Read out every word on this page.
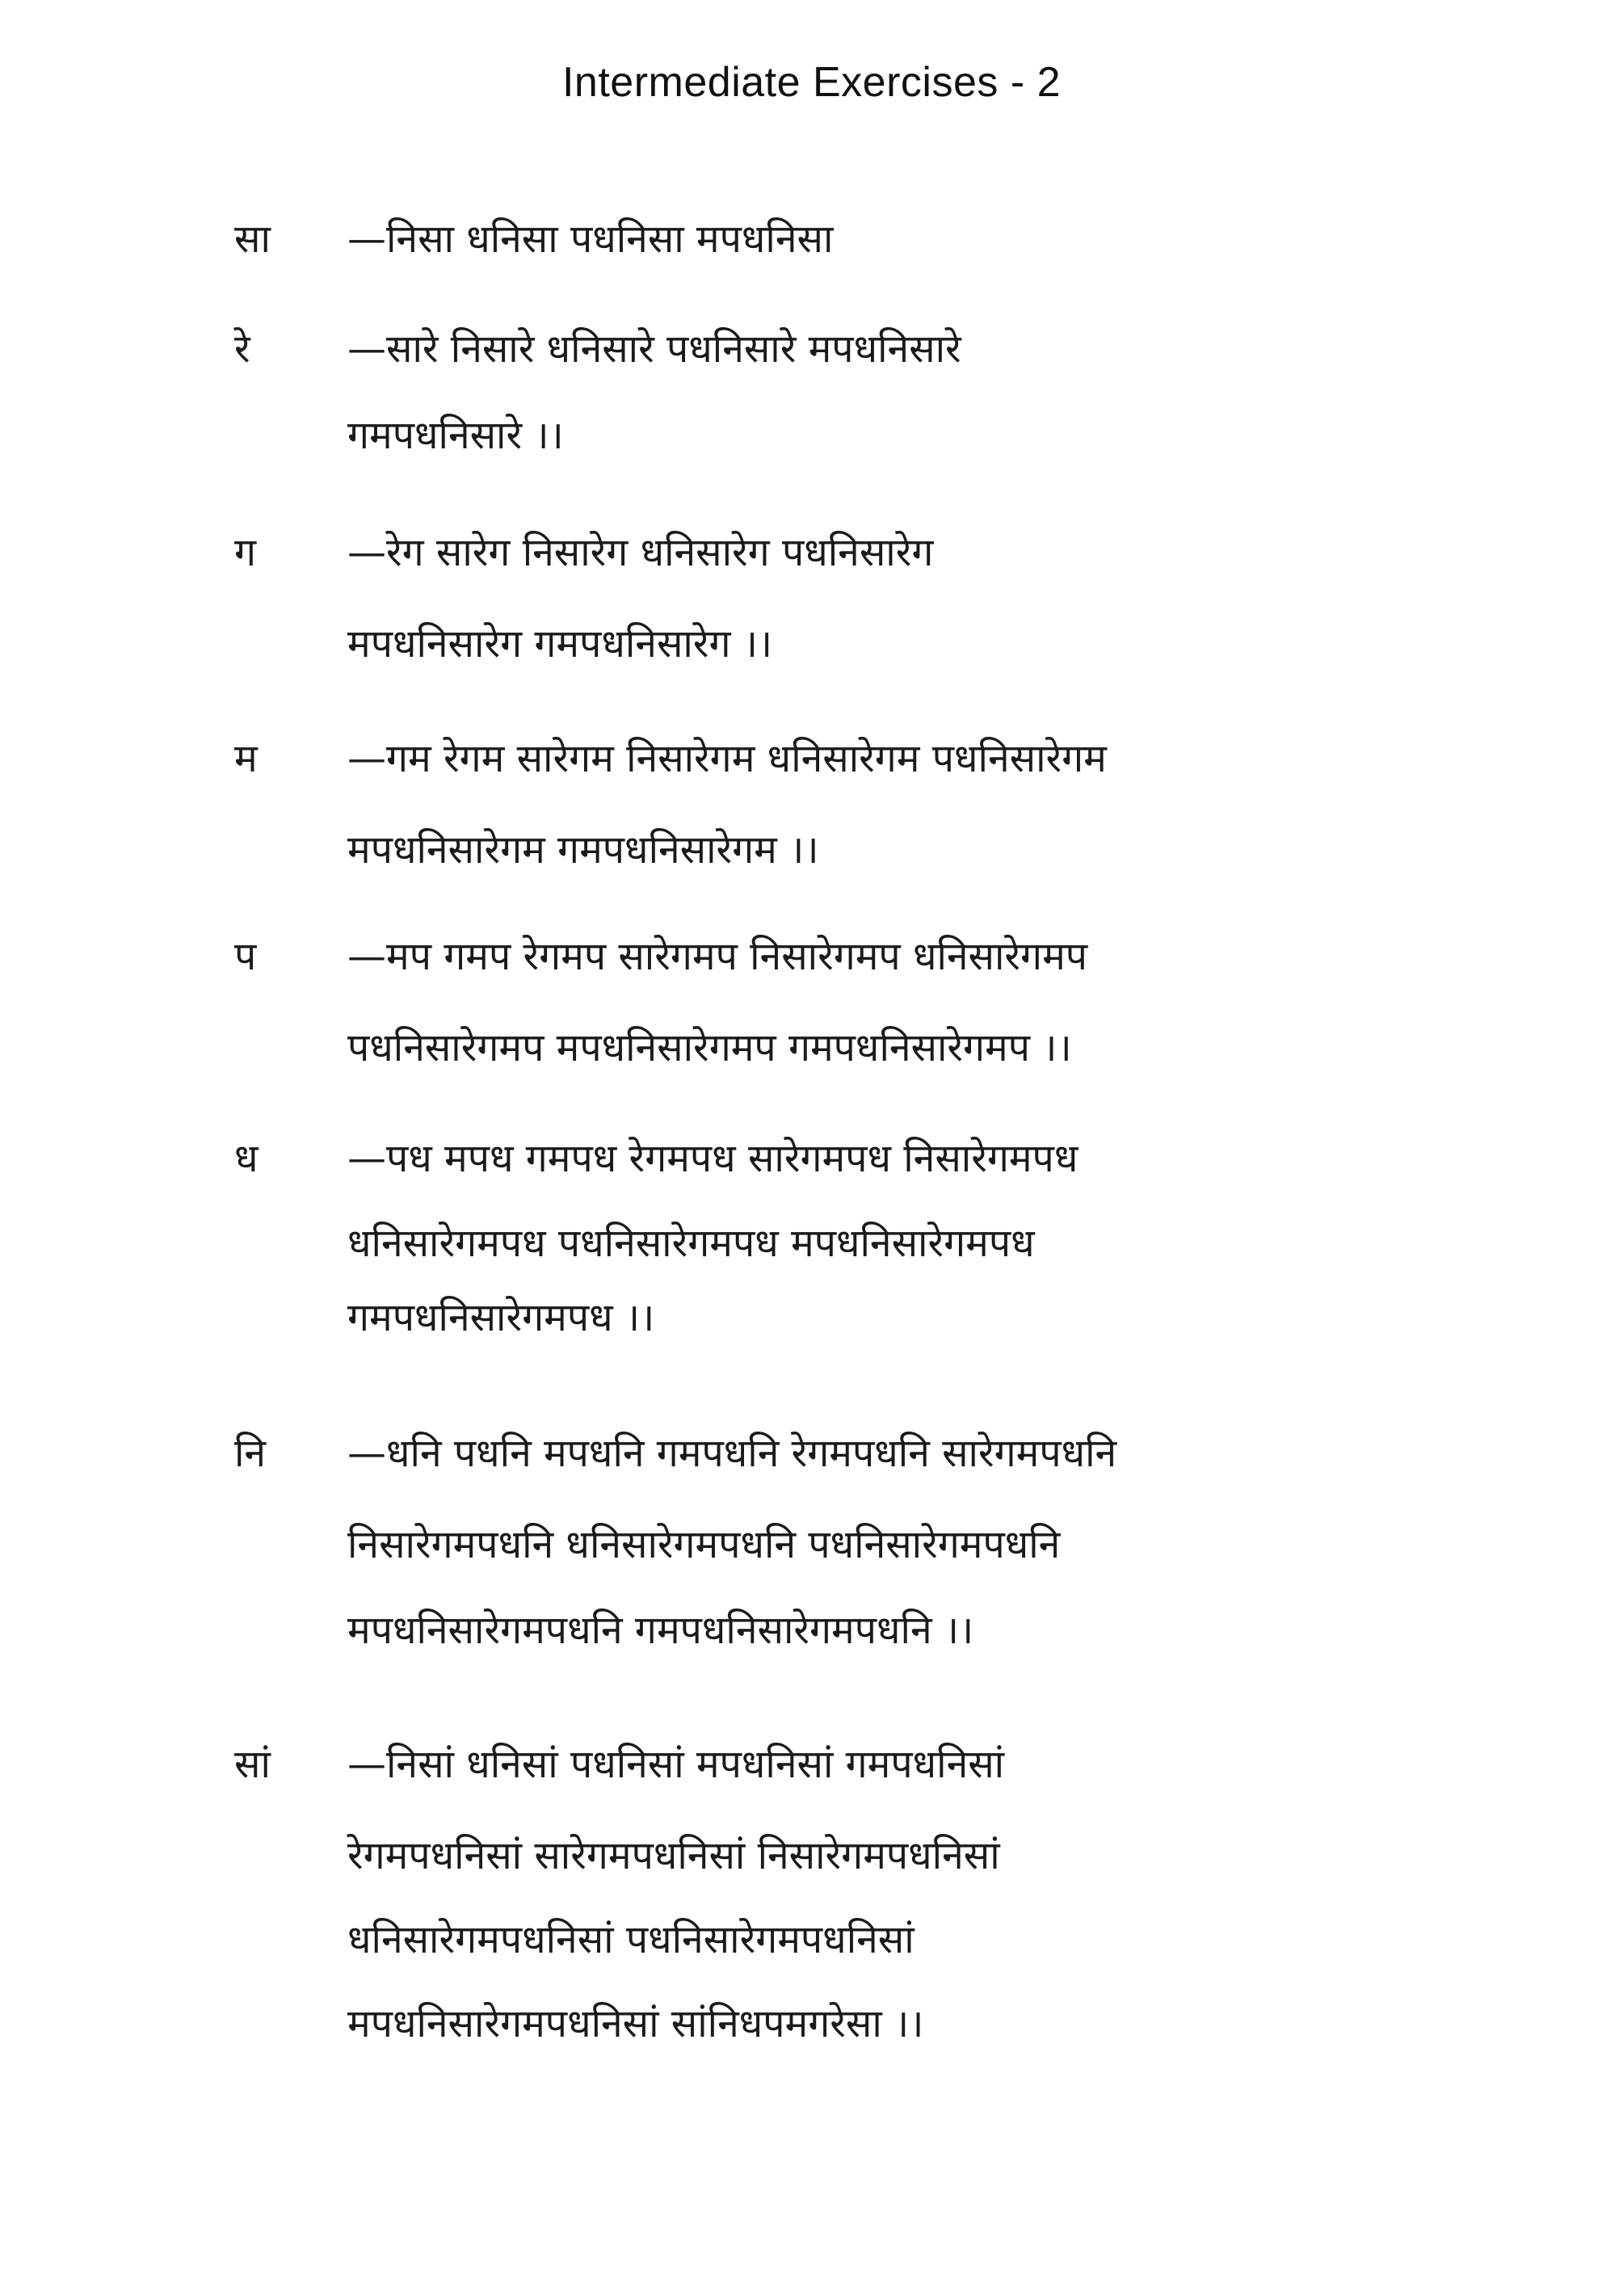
Intermediate Exercises - 2
सा	—निसा धनिसा पधनिसा मपधनिसा
रे	—सारे निसारे धनिसारे पधनिसारे मपधनिसारे
गमपधनिसारे ।।
ग	—रेग सारेग निसारेग धनिसारेग पधनिसारेग
मपधनिसारेग गमपधनिसारेग ।।
म	—गम रेगम सारेगम निसारेगम धनिसारेगम पधनिसारेगम
मपधनिसारेगम गमपधनिसारेगम ।।
प	—मप गमप रेगमप सारेगमप निसारेगमप धनिसारेगमप
पधनिसारेगमप मपधनिसारेगमप गमपधनिसारेगमप ।।
ध	—पध मपध गमपध रेगमपध सारेगमपध निसारेगमपध
धनिसारेगमपध पधनिसारेगमपध मपधनिसारेगमपध
गमपधनिसारेगमपध ।।
नि	—धनि पधनि मपधनि गमपधनि रेगमपधनि सारेगमपधनि
निसारेगमपधनि धनिसारेगमपधनि पधनिसारेगमपधनि
मपधनिसारेगमपधनि गमपधनिसारेगमपधनि ।।
सां	—निसां धनिसां पधनिसां मपधनिसां गमपधनिसां
रेगमपधनिसां सारेगमपधनिसां निसारेगमपधनिसां
धनिसारेगमपधनिसां पधनिसारेगमपधनिसां
मपधनिसारेगमपधनिसां सांनिधपमगरेसा ।।
